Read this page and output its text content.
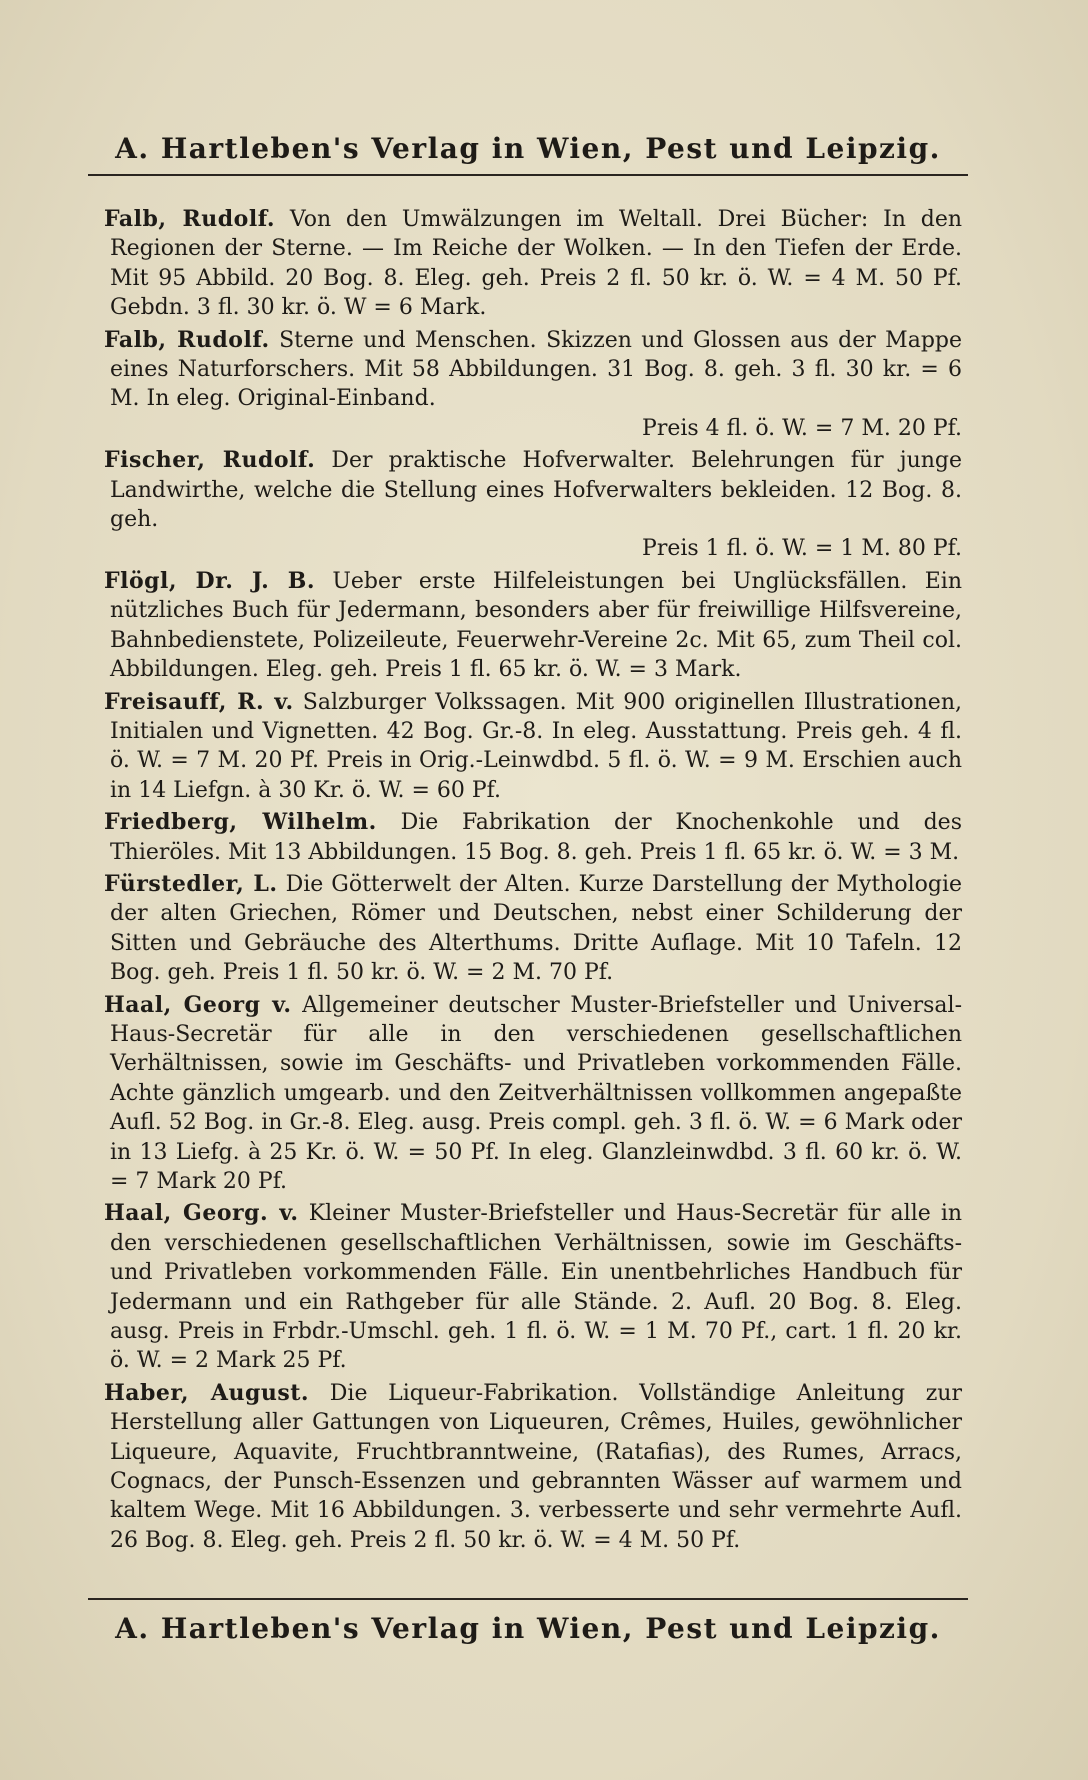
A. Hartleben's Verlag in Wien, Pest und Leipzig.
Falb, Rudolf. Von den Umwälzungen im Weltall. Drei Bücher: In den Regionen der Sterne. — Im Reiche der Wolken. — In den Tiefen der Erde. Mit 95 Abbild. 20 Bog. 8. Eleg. geh. Preis 2 fl. 50 kr. ö. W. = 4 M. 50 Pf. Gebdn. 3 fl. 30 kr. ö. W = 6 Mark.
Falb, Rudolf. Sterne und Menschen. Skizzen und Glossen aus der Mappe eines Naturforschers. Mit 58 Abbildungen. 31 Bog. 8. geh. 3 fl. 30 kr. = 6 M. In eleg. Original-Einband.
Preis 4 fl. ö. W. = 7 M. 20 Pf.
Fischer, Rudolf. Der praktische Hofverwalter. Belehrungen für junge Landwirthe, welche die Stellung eines Hofverwalters bekleiden. 12 Bog. 8. geh.
Preis 1 fl. ö. W. = 1 M. 80 Pf.
Flögl, Dr. J. B. Ueber erste Hilfeleistungen bei Unglücksfällen. Ein nützliches Buch für Jedermann, besonders aber für freiwillige Hilfsvereine, Bahnbedienstete, Polizeileute, Feuerwehr-Vereine 2c. Mit 65, zum Theil col. Abbildungen. Eleg. geh. Preis 1 fl. 65 kr. ö. W. = 3 Mark.
Freisauff, R. v. Salzburger Volkssagen. Mit 900 originellen Illustrationen, Initialen und Vignetten. 42 Bog. Gr.-8. In eleg. Ausstattung. Preis geh. 4 fl. ö. W. = 7 M. 20 Pf. Preis in Orig.-Leinwdbd. 5 fl. ö. W. = 9 M. Erschien auch in 14 Liefgn. à 30 Kr. ö. W. = 60 Pf.
Friedberg, Wilhelm. Die Fabrikation der Knochenkohle und des Thieröles. Mit 13 Abbildungen. 15 Bog. 8. geh. Preis 1 fl. 65 kr. ö. W. = 3 M.
Fürstedler, L. Die Götterwelt der Alten. Kurze Darstellung der Mythologie der alten Griechen, Römer und Deutschen, nebst einer Schilderung der Sitten und Gebräuche des Alterthums. Dritte Auflage. Mit 10 Tafeln. 12 Bog. geh. Preis 1 fl. 50 kr. ö. W. = 2 M. 70 Pf.
Haal, Georg v. Allgemeiner deutscher Muster-Briefsteller und Universal-Haus-Secretär für alle in den verschiedenen gesellschaftlichen Verhältnissen, sowie im Geschäfts- und Privatleben vorkommenden Fälle. Achte gänzlich umgearb. und den Zeitverhältnissen vollkommen angepaßte Aufl. 52 Bog. in Gr.-8. Eleg. ausg. Preis compl. geh. 3 fl. ö. W. = 6 Mark oder in 13 Liefg. à 25 Kr. ö. W. = 50 Pf. In eleg. Glanzleinwdbd. 3 fl. 60 kr. ö. W. = 7 Mark 20 Pf.
Haal, Georg. v. Kleiner Muster-Briefsteller und Haus-Secretär für alle in den verschiedenen gesellschaftlichen Verhältnissen, sowie im Geschäfts- und Privatleben vorkommenden Fälle. Ein unentbehrliches Handbuch für Jedermann und ein Rathgeber für alle Stände. 2. Aufl. 20 Bog. 8. Eleg. ausg. Preis in Frbdr.-Umschl. geh. 1 fl. ö. W. = 1 M. 70 Pf., cart. 1 fl. 20 kr. ö. W. = 2 Mark 25 Pf.
Haber, August. Die Liqueur-Fabrikation. Vollständige Anleitung zur Herstellung aller Gattungen von Liqueuren, Crêmes, Huiles, gewöhnlicher Liqueure, Aquavite, Fruchtbranntweine, (Ratafias), des Rumes, Arracs, Cognacs, der Punsch-Essenzen und gebrannten Wässer auf warmem und kaltem Wege. Mit 16 Abbildungen. 3. verbesserte und sehr vermehrte Aufl. 26 Bog. 8. Eleg. geh. Preis 2 fl. 50 kr. ö. W. = 4 M. 50 Pf.
A. Hartleben's Verlag in Wien, Pest und Leipzig.
